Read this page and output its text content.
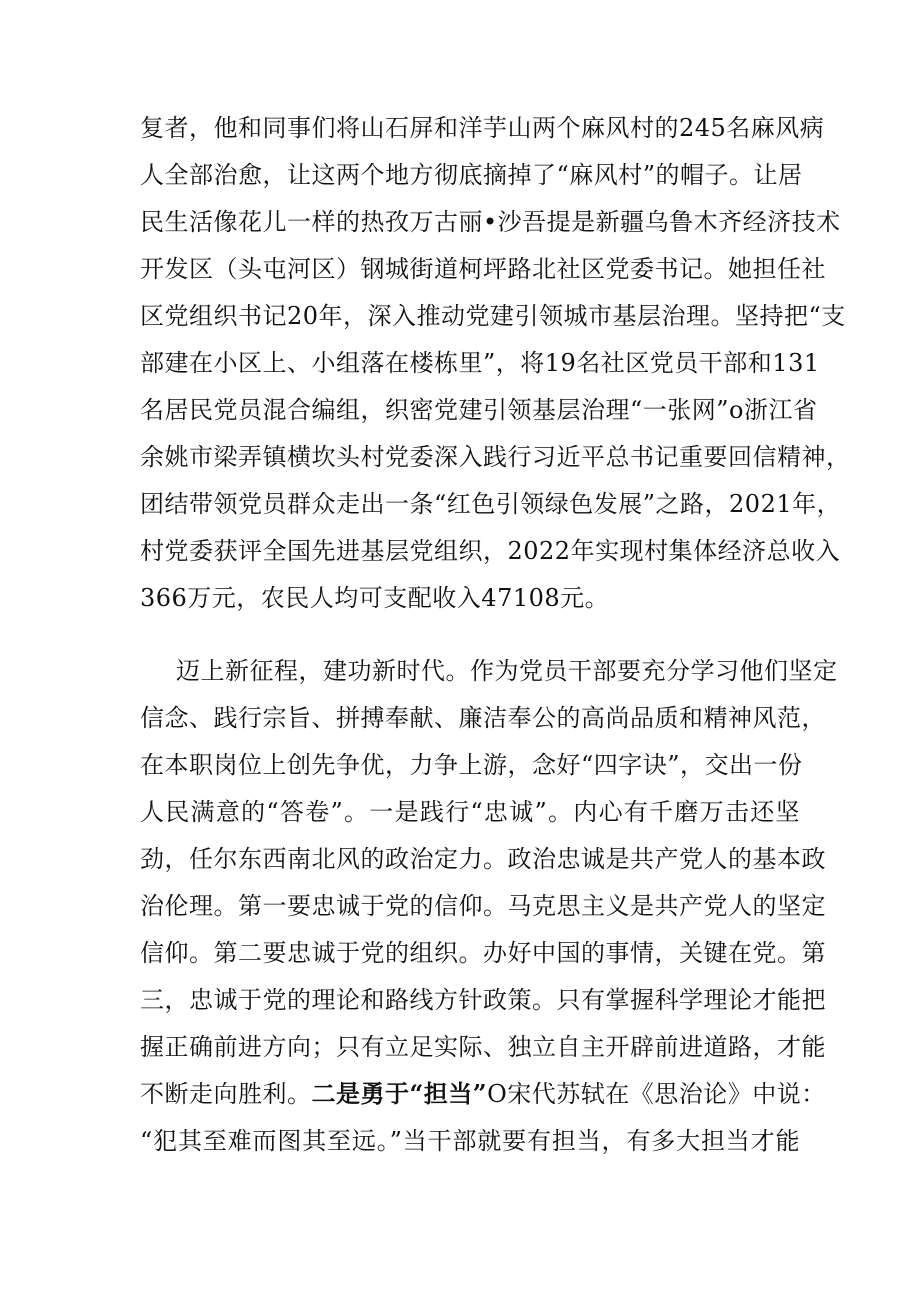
复者，他和同事们将山石屏和洋芋山两个麻风村的245名麻风病
人全部治愈，让这两个地方彻底摘掉了“麻风村”的帽子。让居
民生活像花儿一样的热孜万古丽•沙吾提是新疆乌鲁木齐经济技术
开发区（头屯河区）钢城街道柯坪路北社区党委书记。她担任社
区党组织书记20年，深入推动党建引领城市基层治理。坚持把“支
部建在小区上、小组落在楼栋里”，将19名社区党员干部和131
名居民党员混合编组，织密党建引领基层治理“一张网”o浙江省
余姚市梁弄镇横坎头村党委深入践行习近平总书记重要回信精神，
团结带领党员群众走出一条“红色引领绿色发展”之路，2021年，
村党委获评全国先进基层党组织，2022年实现村集体经济总收入
366万元，农民人均可支配收入47108元。
迈上新征程，建功新时代。作为党员干部要充分学习他们坚定
信念、践行宗旨、拼搏奉献、廉洁奉公的高尚品质和精神风范，
在本职岗位上创先争优，力争上游，念好“四字诀”，交出一份
人民满意的“答卷”。一是践行“忠诚”。内心有千磨万击还坚
劲，任尔东西南北风的政治定力。政治忠诚是共产党人的基本政
治伦理。第一要忠诚于党的信仰。马克思主义是共产党人的坚定
信仰。第二要忠诚于党的组织。办好中国的事情，关键在党。第
三，忠诚于党的理论和路线方针政策。只有掌握科学理论才能把
握正确前进方向；只有立足实际、独立自主开辟前进道路，才能
不断走向胜利。二是勇于“担当”O宋代苏轼在《思治论》中说：
“犯其至难而图其至远。”当干部就要有担当，有多大担当才能
